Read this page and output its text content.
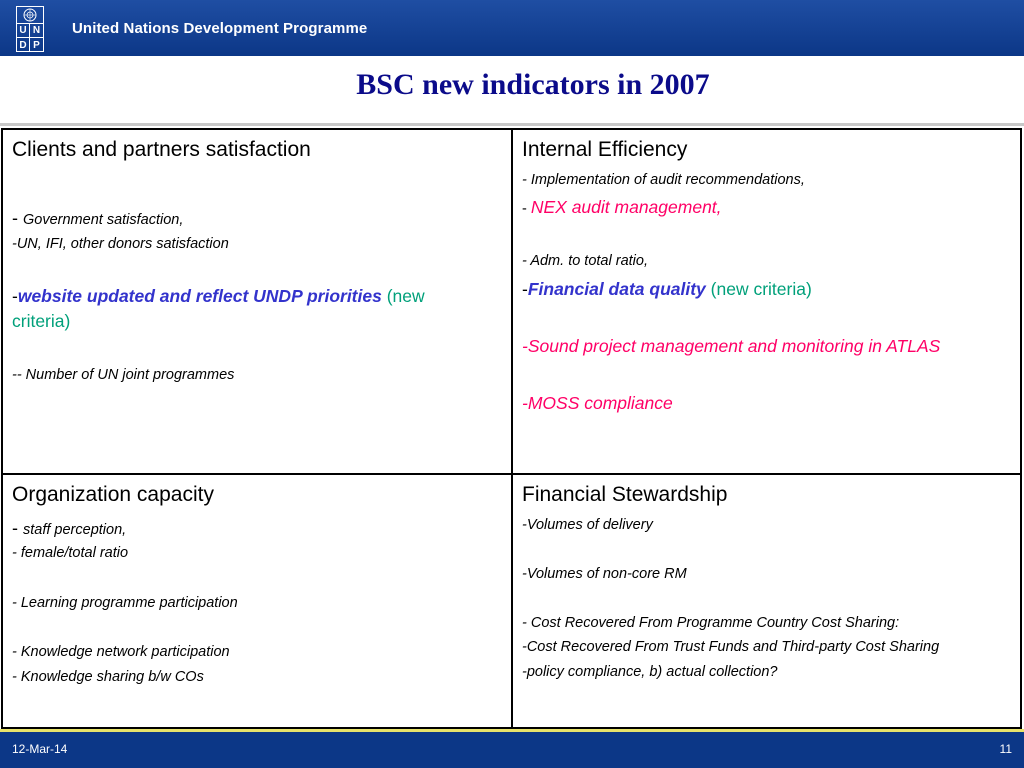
U N
D P
United Nations Development Programme
BSC new indicators in 2007
Clients and partners satisfaction
- Government satisfaction,
-UN, IFI, other donors satisfaction
-website updated and reflect UNDP priorities (new
criteria)
-- Number of UN joint programmes
Internal Efficiency
- Implementation of audit recommendations,
- NEX audit management,
- Adm. to total ratio,
-Financial data quality (new criteria)
-Sound project management and monitoring in ATLAS
-MOSS compliance
Organization capacity
- staff perception,
- female/total ratio
- Learning programme participation
- Knowledge network participation
- Knowledge sharing b/w COs
Financial Stewardship
-Volumes of delivery
-Volumes of non-core RM
- Cost Recovered From Programme Country Cost Sharing:
-Cost Recovered From Trust Funds and Third-party Cost Sharing
-policy compliance, b) actual collection?
12-Mar-14	11
